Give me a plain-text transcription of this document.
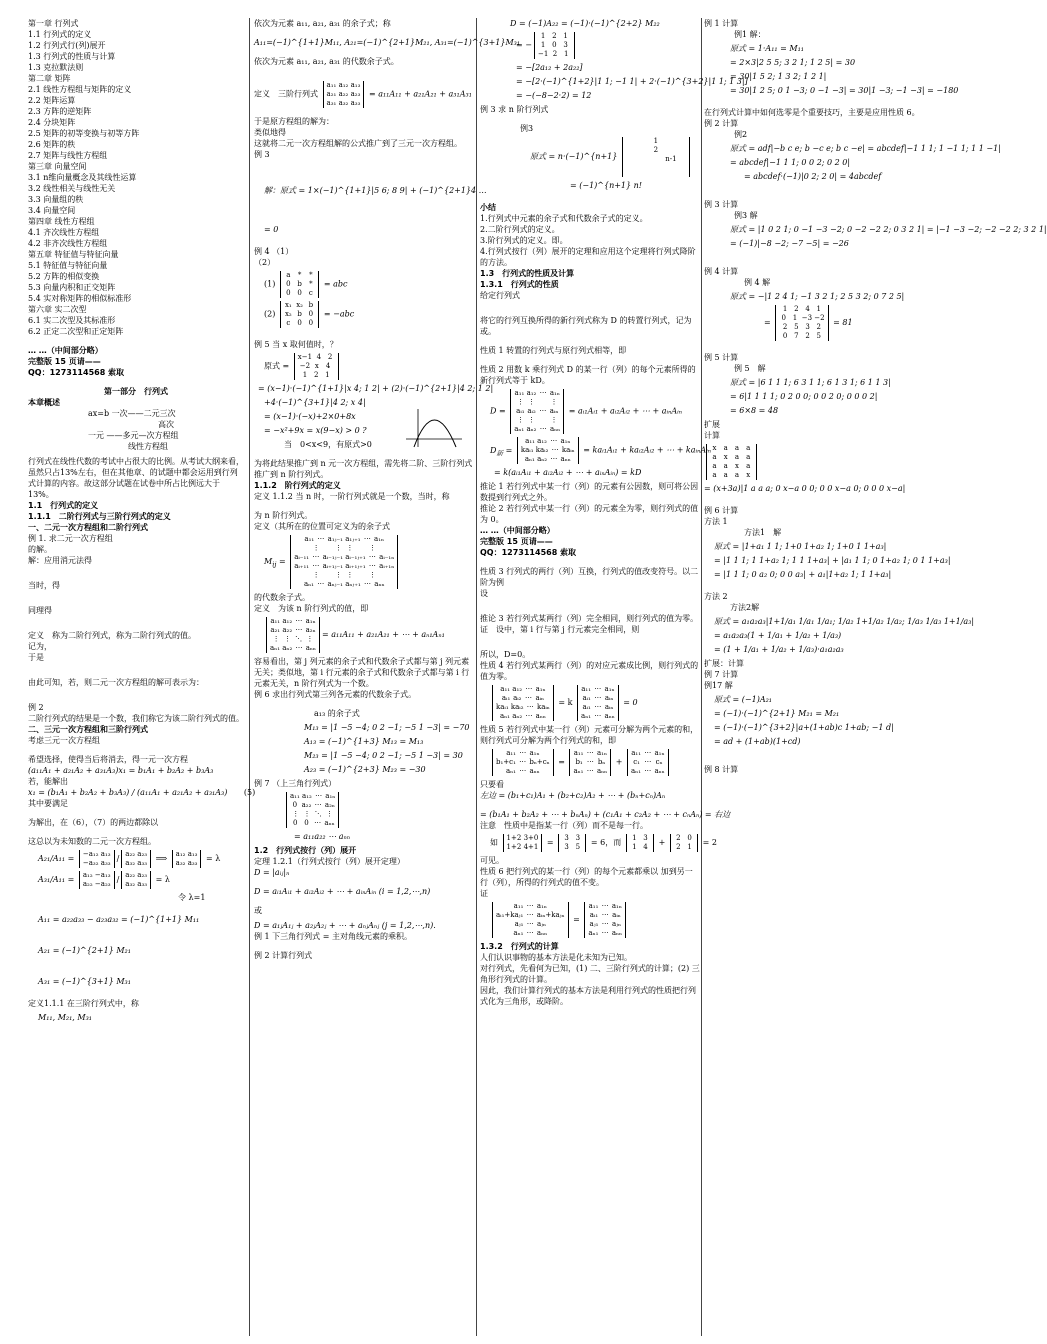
第一章 行列式
1.1 行列式的定义
1.2 行列式行(列)展开
1.3 行列式的性质与计算
1.3 克拉默法则
第二章 矩阵
2.1 线性方程组与矩阵的定义
2.2 矩阵运算
2.3 方阵的逆矩阵
2.4 分块矩阵
2.5 矩阵的初等变换与初等方阵
2.6 矩阵的秩
2.7 矩阵与线性方程组
第三章 向量空间
3.1 n维向量概念及其线性运算
3.2 线性相关与线性无关
3.3 向量组的秩
3.4 向量空间
第四章 线性方程组
4.1 齐次线性方程组
4.2 非齐次线性方程组
第五章 特征值与特征向量
5.1 特征值与特征向量
5.2 方阵的相似变换
5.3 向量内积和正交矩阵
5.4 实对称矩阵的相似标准形
第六章 实二次型
6.1 实二次型及其标准形
6.2 正定二次型和正定矩阵
… …（中间部分略）
完整版 15 页请——
QQ：1273114568 索取
第一部分　行列式
本章概述
ax=b 一次——二元三次
高次
一元 ——多元—次方程组
线性方程组
行列式在线性代数的考试中占很大的比例。从考试大纲来看，虽然只占13%左右，但在其他章、的试题中都会运用到行列式计算的内容。故这部分试题在试卷中所占比例远大于13%。
1.1　行列式的定义
1.1.1　二阶行列式与三阶行列式的定义
一、二元一次方程组和二阶行列式
例 1. 求二元一次方程组
的解。
解：应用消元法得
当时，得
同理得
定义　称为二阶行列式，称为二阶行列式的值。
记为，
于是
由此可知，若，则二元一次方程组的解可表示为：
例 2
二阶行列式的结果是一个数，我们称它为该二阶行列式的值。
二、三元一次方程组和三阶行列式
考虑三元一次方程组
希望选择，使得当后将消去，得一元一次方程
(a₁₁A₁ + a₂₁A₂ + a₃₁A₃)x₁ = b₁A₁ + b₂A₂ + b₃A₃
若，能解出
x₁ = (b₁A₁ + b₂A₂ + b₃A₃) / (a₁₁A₁ + a₂₁A₂ + a₃₁A₃) (5)
其中要满足
为解出，在（6），（7）的两边都除以
这总以为未知数的二元一次方程组。
A₂₁/A₁₁ = −a₁₂ a₁₃
−a₃₂ a₃₃ / a₂₂ a₂₃
a₃₂ a₃₃ ⟹ a₁₂ a₁₃
a₃₂ a₃₃ = λ
A₃₁/A₁₁ = a₁₂ −a₁₃
a₂₂ −a₂₃ / a₂₂ a₂₃
a₃₂ a₃₃ = λ
令 λ=1
A₁₁ = a₂₂a₃₃ − a₂₃a₃₂ = (−1)^{1+1} M₁₁
A₂₁ = (−1)^{2+1} M₂₁
A₃₁ = (−1)^{3+1} M₃₁
定义1.1.1 在三阶行列式中，称
M₁₁, M₂₁, M₃₁
依次为元素 a₁₁, a₂₁, a₃₁ 的余子式；称
A₁₁=(−1)^{1+1}M₁₁, A₂₁=(−1)^{2+1}M₂₁, A₃₁=(−1)^{3+1}M₃₁
依次为元素 a₁₁, a₂₁, a₃₁ 的代数余子式。
定义　三阶行列式 a₁₁ a₁₂ a₁₃
a₂₁ a₂₂ a₂₃
a₃₁ a₃₂ a₃₃ = a₁₁A₁₁ + a₂₁A₂₁ + a₃₁A₃₁
于是原方程组的解为：
类似地得
这就将二元一次方程组解的公式推广到了三元一次方程组。
例 3
解：原式 = 1×(−1)^{1+1}|5 6; 8 9| + (−1)^{2+1}4 …
= 0
例 4 （1）
（2）
(1) a * *
0 b *
0 0 c = abc
(2) x₁ x₂ b
x₂ b 0
c 0 0 = −abc
例 5 当 x 取何值时，？
原式 = x−1 4 2
−2 x 4
1 2 1
= (x−1)·(−1)^{1+1}|x 4; 1 2| + (2)·(−1)^{2+1}|4 2; 1 2|
+4·(−1)^{3+1}|4 2; x 4|
= (x−1)·(−x)+2×0+8x
= −x²+9x = x(9−x) > 0 ?
当　0<x<9，有原式>0
为将此结果推广到 n 元一次方程组，需先将二阶、三阶行列式推广到 n 阶行列式。
1.1.2　阶行列式的定义
定义 1.1.2 当 n 时，一阶行列式就是一个数，当时，称
为 n 阶行列式。
定义（其所在的位置可定义为的余子式
$M_{ij} = a_{11}$ ⋯ a₁ⱼ₋₁ a₁ⱼ₊₁ ⋯ a₁ₙ
⋮ ⋮ ⋮ ⋮
aᵢ₋₁₁ ⋯ aᵢ₋₁ⱼ₋₁ aᵢ₋₁ⱼ₊₁ ⋯ aᵢ₋₁ₙ
aᵢ₊₁₁ ⋯ aᵢ₊₁ⱼ₋₁ aᵢ₊₁ⱼ₊₁ ⋯ aᵢ₊₁ₙ
⋮ ⋮ ⋮ ⋮
aₙ₁ ⋯ aₙⱼ₋₁ aₙⱼ₊₁ ⋯ aₙₙ
的代数余子式。
定义　为该 n 阶行列式的值，即
a₁₁ a₁₂ ⋯ a₁ₙ
a₂₁ a₂₂ ⋯ a₂ₙ
⋮ ⋮ ⋱ ⋮
aₙ₁ aₙ₂ ⋯ aₙₙ= a₁₁A₁₁ + a₂₁A₂₁ + ⋯ + aₙ₁Aₙ₁
容易看出，第 j 列元素的余子式和代数余子式都与第 j 列元素无关；类似地，第 i 行元素的余子式和代数余子式都与第 i 行元素无关，n 阶行列式为一个数。
例 6 求出行列式第三列各元素的代数余子式。
a₁₃ 的余子式
M₁₃ = |1 −5 −4; 0 2 −1; −5 1 −3| = −70
A₁₃ = (−1)^{1+3} M₁₃ = M₁₃
M₂₃ = |1 −5 −4; 0 2 −1; −5 1 −3| = 30
A₂₃ = (−1)^{2+3} M₂₃ = −30
例 7 （上三角行列式）
a₁₁ a₁₂ ⋯ a₁ₙ
0 a₂₂ ⋯ a₂ₙ
⋮ ⋮ ⋱ ⋮
0 0 ⋯ aₙₙ
= a₁₁a₂₂ ⋯ aₙₙ
1.2　行列式按行（列）展开
定理 1.2.1（行列式按行（列）展开定理）
D = |aᵢⱼ|ₙ
D = aᵢ₁Aᵢ₁ + aᵢ₂Aᵢ₂ + ⋯ + aᵢₙAᵢₙ (i = 1,2,⋯,n)
或
D = a₁ⱼA₁ⱼ + a₂ⱼA₂ⱼ + ⋯ + aₙⱼAₙⱼ (j = 1,2,⋯,n).
例 1 下三角行列式 = 主对角线元素的乘积。
例 2 计算行列式
D = (−1)A₂₂ = (−1)·(−1)^{2+2} M₂₂
= −1 2 1
1 0 3
−1 2 1
= −[2a₁₂ + 2a₂₂]
= −[2·(−1)^{1+2}|1 1; −1 1| + 2·(−1)^{3+2}|1 1; 1 3|]
= −(−8−2·2) = 12
例 3 求 n 阶行列式
例3
原式 = n·(−1)^{n+1} 1
2
n-1
= (−1)^{n+1} n!
小结
1.行列式中元素的余子式和代数余子式的定义。
2.二阶行列式的定义。
3.阶行列式的定义。即。
4.行列式按行（列）展开的定理和应用这个定理将行列式降阶的方法。
1.3　行列式的性质及计算
1.3.1　行列式的性质
给定行列式
将它的行列互换所得的新行列式称为 D 的转置行列式，记为或。
性质 1 转置的行列式与原行列式相等，即
性质 2 用数 k 乘行列式 D 的某一行（列）的每个元素所得的新行列式等于 kD。
D = a₁₁ a₁₂ ⋯ a₁ₙ
⋮ ⋮ ⋮
aᵢ₁ aᵢ₂ ⋯ aᵢₙ
⋮ ⋮ ⋮
aₙ₁ aₙ₂ ⋯ aₙₙ = aᵢ₁Aᵢ₁ + aᵢ₂Aᵢ₂ + ⋯ + aᵢₙAᵢₙ
$D_新 = a_{11}$ a₁₂ ⋯ a₁ₙ
kaᵢ₁ kaᵢ₂ ⋯ kaᵢₙ
aₙ₁ aₙ₂ ⋯ aₙₙ = kaᵢ₁Aᵢ₁ + kaᵢ₂Aᵢ₂ + ⋯ + kaᵢₙAᵢₙ
= k(aᵢ₁Aᵢ₁ + aᵢ₂Aᵢ₂ + ⋯ + aᵢₙAᵢₙ) = kD
推论 1 若行列式中某一行（列）的元素有公因数，则可将公因数提到行列式之外。
推论 2 若行列式中某一行（列）的元素全为零，则行列式的值为 0。
… …（中间部分略）
完整版 15 页请——
QQ：1273114568 索取
性质 3 行列式的两行（列）互换，行列式的值改变符号。以二阶为例
设
推论 3 若行列式某两行（列）完全相同，则行列式的值为零。
证　设中，第 i 行与第 j 行元素完全相同，则
所以，D=0。
性质 4 若行列式某两行（列）的对应元素成比例，则行列式的值为零。
a₁₁ a₁₂ ⋯ a₁ₙ
aᵢ₁ aᵢ₂ ⋯ aᵢₙ
kaᵢ₁ kaᵢ₂ ⋯ kaᵢₙ
aₙ₁ aₙ₂ ⋯ aₙₙ = k a₁₁ ⋯ a₁ₙ
aᵢ₁ ⋯ aᵢₙ
aᵢ₁ ⋯ aᵢₙ
aₙ₁ ⋯ aₙₙ = 0
性质 5 若行列式中某一行（列）元素可分解为两个元素的和，则行列式可分解为两个行列式的和，即
a₁₁ ⋯ a₁ₙ
b₁+c₁ ⋯ bₙ+cₙ
aₙ₁ ⋯ aₙₙ = a₁₁ ⋯ a₁ₙ
b₁ ⋯ bₙ
aₙ₁ ⋯ aₙₙ + a₁₁ ⋯ a₁ₙ
c₁ ⋯ cₙ
aₙ₁ ⋯ aₙₙ
只要看
左边 = (b₁+c₁)A₁ + (b₂+c₂)A₂ + ⋯ + (bₙ+cₙ)Aₙ
= (b₁A₁ + b₂A₂ + ⋯ + bₙAₙ) + (c₁A₁ + c₂A₂ + ⋯ + cₙAₙ) = 右边
注意　性质中是指某一行（列）而不是每一行。
如 1+2 3+0
1+2 4+1 = 3 3
3 5 = 6，而 1 3
1 4 + 2 0
2 1 = 2
可见。
性质 6 把行列式的某一行（列）的每个元素都乘以 加到另一行（列），所得的行列式的值不变。
证
a₁₁ ⋯ a₁ₙ
aᵢ₁+kaⱼ₁ ⋯ aᵢₙ+kaⱼₙ
aⱼ₁ ⋯ aⱼₙ
aₙ₁ ⋯ aₙₙ = a₁₁ ⋯ a₁ₙ
aᵢ₁ ⋯ aᵢₙ
aⱼ₁ ⋯ aⱼₙ
aₙ₁ ⋯ aₙₙ
1.3.2　行列式的计算
人们认识事物的基本方法是化未知为已知。
对行列式，先看何为已知，(1) 二、三阶行列式的计算；(2) 三角形行列式的计算。
因此，我们计算行列式的基本方法是利用行列式的性质把行列式化为三角形，或降阶。
例 1 计算
例1 解：
原式 = 1·A₁₁ = M₁₁
= 2×3|2 5 5; 3 2 1; 1 2 5| = 30
= 30|1 5 2; 1 3 2; 1 2 1|
= 30|1 2 5; 0 1 −3; 0 −1 −3| = 30|1 −3; −1 −3| = −180
在行列式计算中如何选零是个重要技巧，主要是应用性质 6。
例 2 计算
例2
原式 = adf|−b c e; b −c e; b c −e| = abcdef|−1 1 1; 1 −1 1; 1 1 −1|
= abcdef|−1 1 1; 0 0 2; 0 2 0|
= abcdef·(−1)|0 2; 2 0| = 4abcdef
例 3 计算
例3 解
原式 = |1 0 2 1; 0 −1 −3 −2; 0 −2 −2 2; 0 3 2 1| = |−1 −3 −2; −2 −2 2; 3 2 1|
= (−1)|−8 −2; −7 −5| = −26
例 4 计算
例 4 解
原式 = −|1 2 4 1; −1 3 2 1; 2 5 3 2; 0 7 2 5|
= 1 2 4 1
0 1 −3 −2
2 5 3 2
0 7 2 5 = 81
例 5 计算
例 5　解
原式 = |6 1 1 1; 6 3 1 1; 6 1 3 1; 6 1 1 3|
= 6|1 1 1 1; 0 2 0 0; 0 0 2 0; 0 0 0 2|
= 6×8 = 48
扩展
计算
x a a a
a x a a
a a x a
a a a x
= (x+3a)|1 a a a; 0 x−a 0 0; 0 0 x−a 0; 0 0 0 x−a|
例 6 计算
方法 1
方法1　解
原式 = |1+a₁ 1 1; 1+0 1+a₂ 1; 1+0 1 1+a₃|
= |1 1 1; 1 1+a₂ 1; 1 1 1+a₃| + |a₁ 1 1; 0 1+a₂ 1; 0 1 1+a₃|
= |1 1 1; 0 a₂ 0; 0 0 a₃| + a₁|1+a₂ 1; 1 1+a₃|
方法 2
方法2解
原式 = a₁a₂a₃|1+1/a₁ 1/a₁ 1/a₁; 1/a₂ 1+1/a₂ 1/a₂; 1/a₃ 1/a₃ 1+1/a₃|
= a₁a₂a₃(1 + 1/a₁ + 1/a₂ + 1/a₃)
= (1 + 1/a₁ + 1/a₂ + 1/a₃)·a₁a₂a₃
扩展：计算
例 7 计算
例17 解
原式 = (−1)A₂₁
= (−1)·(−1)^{2+1} M₂₁ = M₂₁
= (−1)·(−1)^{3+2}|a+(1+ab)c 1+ab; −1 d|
= ad + (1+ab)(1+cd)
例 8 计算
